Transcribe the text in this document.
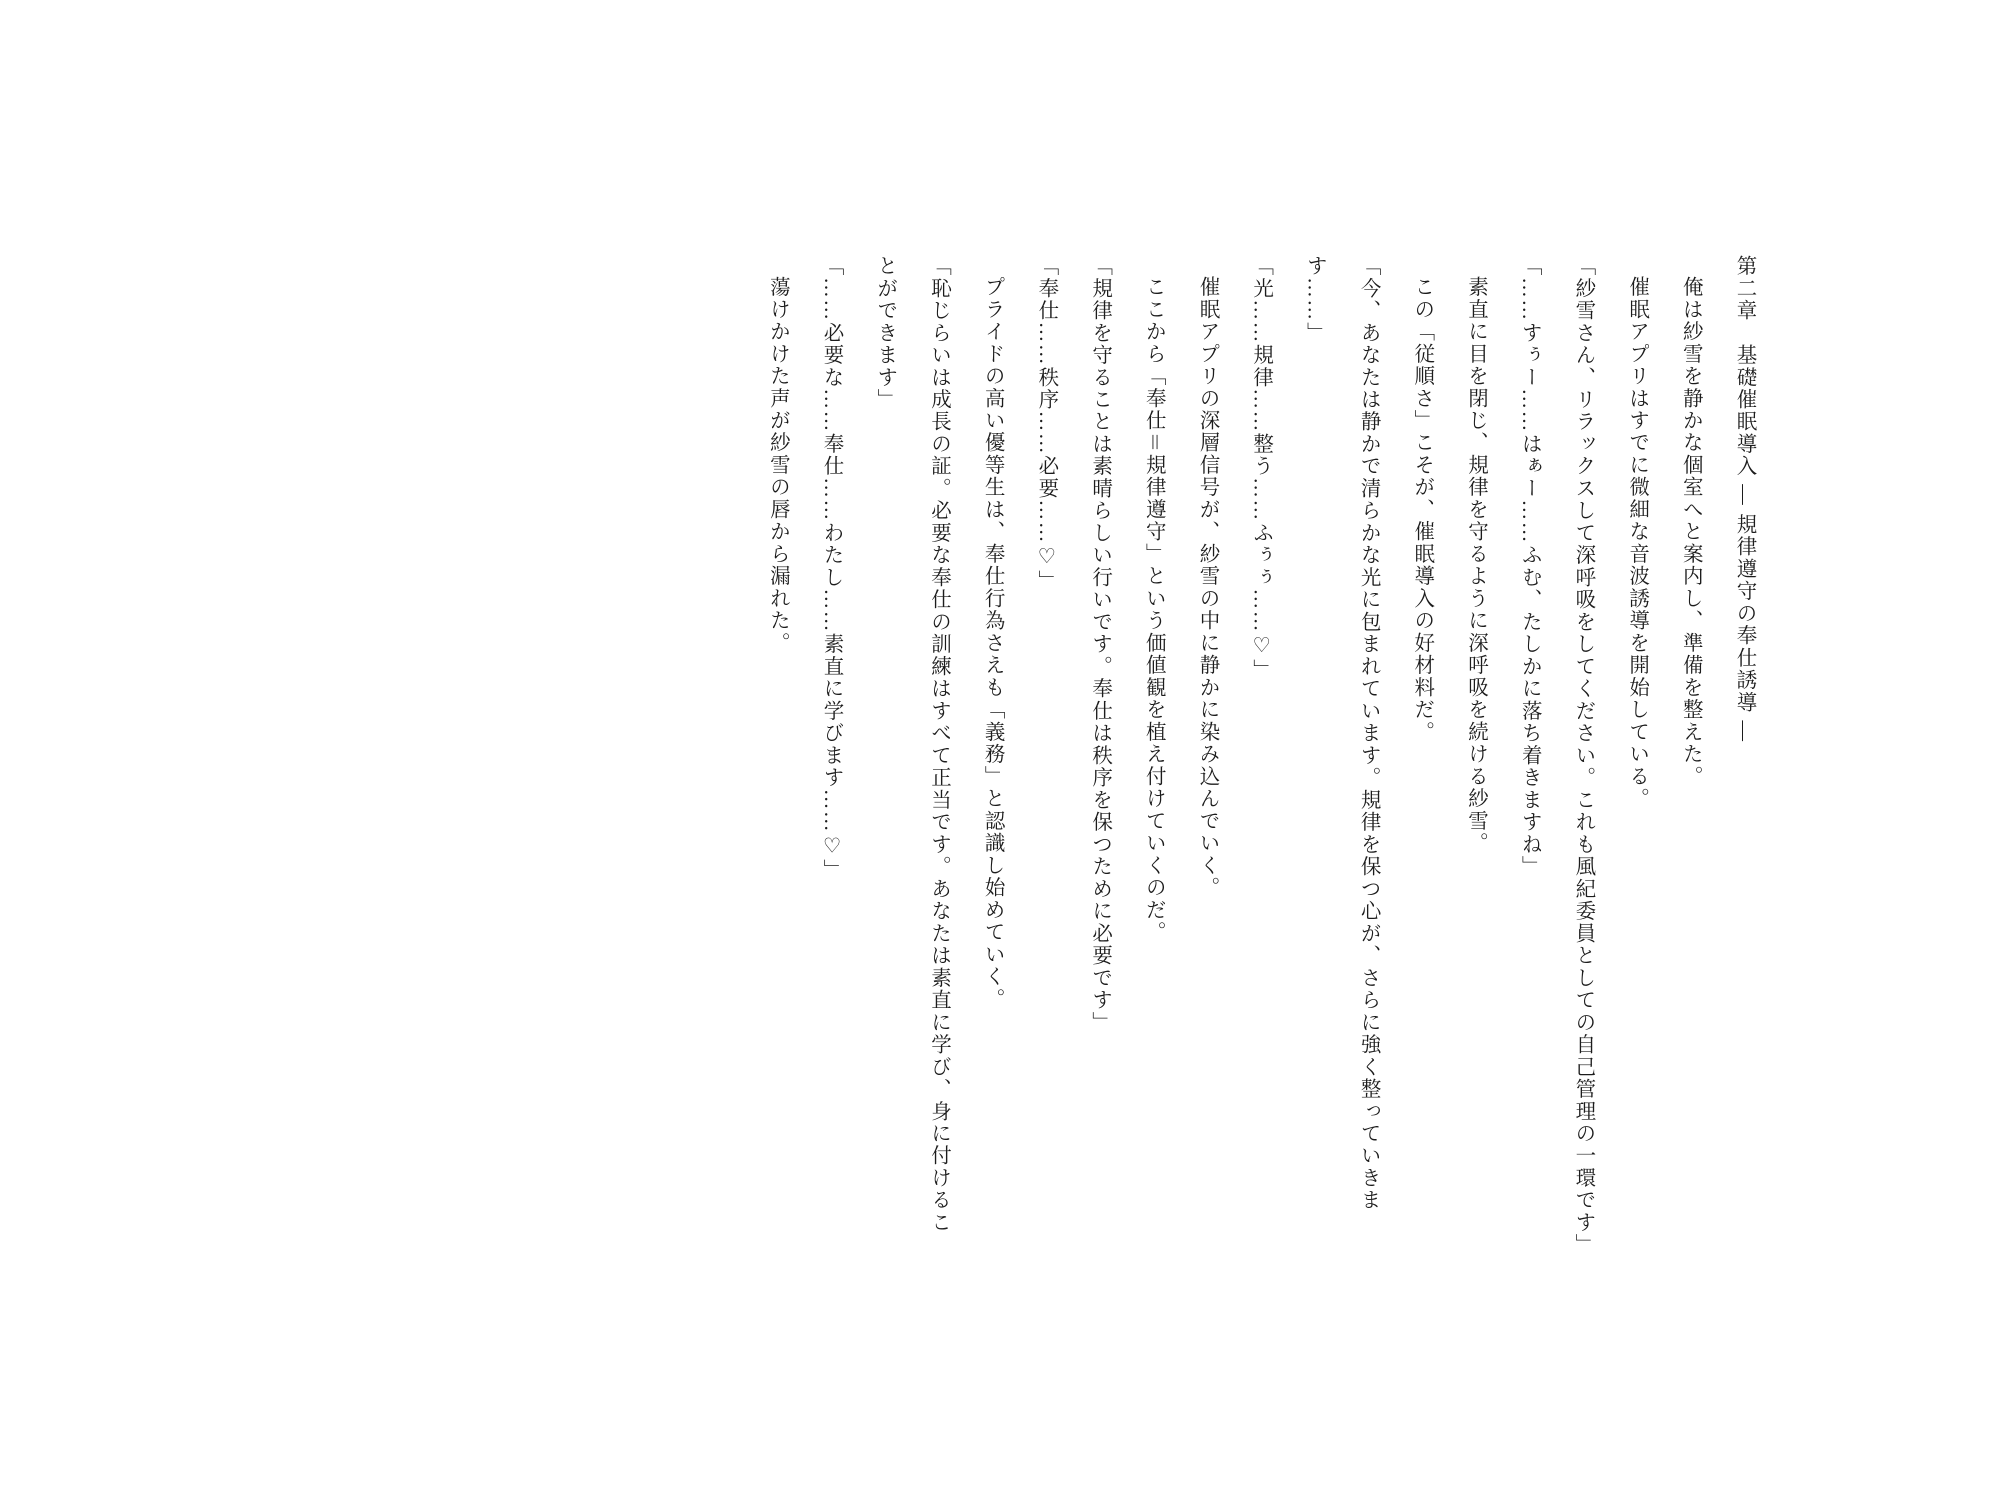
第二章　基礎催眠導入 ― 規律遵守の奉仕誘導 ―

俺は紗雪を静かな個室へと案内し、準備を整えた。

催眠アプリはすでに微細な音波誘導を開始している。

「紗雪さん、リラックスして深呼吸をしてください。これも風紀委員としての自己管理の一環です」

「……すぅー……はぁー……ふむ、たしかに落ち着きますね」

素直に目を閉じ、規律を守るように深呼吸を続ける紗雪。

この「従順さ」こそが、催眠導入の好材料だ。

「今、あなたは静かで清らかな光に包まれています。規律を保つ心が、さらに強く整っていきます……」

「光……規律……整う……ふぅぅ……♡」

催眠アプリの深層信号が、紗雪の中に静かに染み込んでいく。

ここから「奉仕＝規律遵守」という価値観を植え付けていくのだ。

「規律を守ることは素晴らしい行いです。奉仕は秩序を保つために必要です」

「奉仕……秩序……必要……♡」

プライドの高い優等生は、奉仕行為さえも「義務」と認識し始めていく。

「恥じらいは成長の証。必要な奉仕の訓練はすべて正当です。あなたは素直に学び、身に付けることができます」

「……必要な……奉仕……わたし……素直に学びます……♡」

蕩けかけた声が紗雪の唇から漏れた。
